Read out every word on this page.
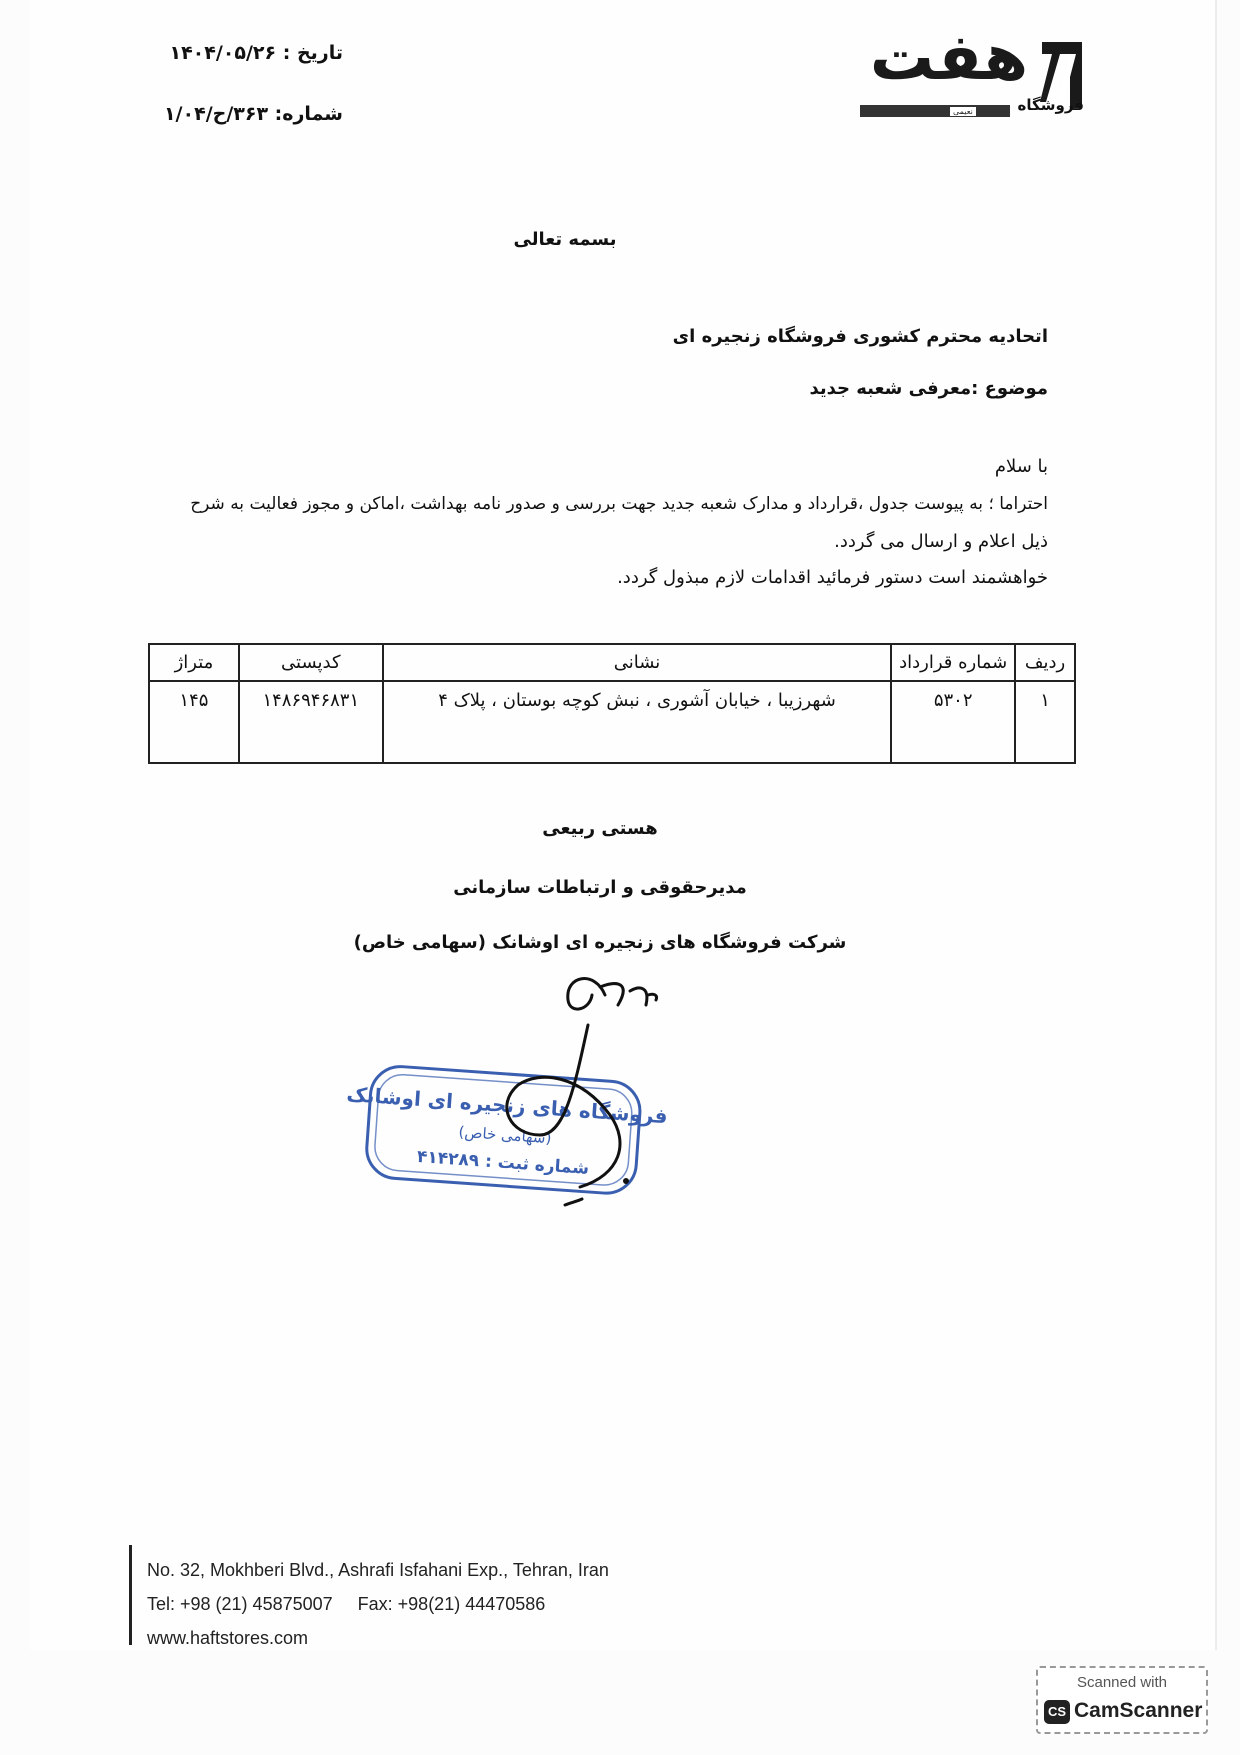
هفت
نعیمی	فروشگاه
تاریخ : ۱۴۰۴/۰۵/۲۶
شماره: ۳۶۳/ح/۱/۰۴
بسمه تعالی
اتحادیه محترم کشوری فروشگاه زنجیره ای
موضوع :معرفی شعبه جدید
با سلام
احتراما ؛ به پیوست جدول ،قرارداد و مدارک شعبه جدید جهت بررسی و صدور نامه بهداشت ،اماکن و مجوز فعالیت به شرح
ذیل اعلام و ارسال می گردد.
خواهشمند است دستور فرمائید اقدامات لازم مبذول گردد.
ردیف	شماره قرارداد	نشانی	کدپستی	متراژ
۱	۵۳۰۲	شهرزیبا ، خیابان آشوری ، نبش کوچه بوستان ، پلاک ۴	۱۴۸۶۹۴۶۸۳۱	۱۴۵
هستی ربیعی
مدیرحقوقی و ارتباطات سازمانی
شرکت فروشگاه های زنجیره ای اوشانک (سهامی خاص)
فروشگاه های زنجیره ای اوشانک
(سهامی خاص)
شماره ثبت : ۴۱۴۲۸۹
No. 32, Mokhberi Blvd., Ashrafi Isfahani Exp., Tehran, Iran
Tel: +98 (21) 45875007     Fax: +98(21) 44470586
www.haftstores.com
Scanned with
CS CamScanner
